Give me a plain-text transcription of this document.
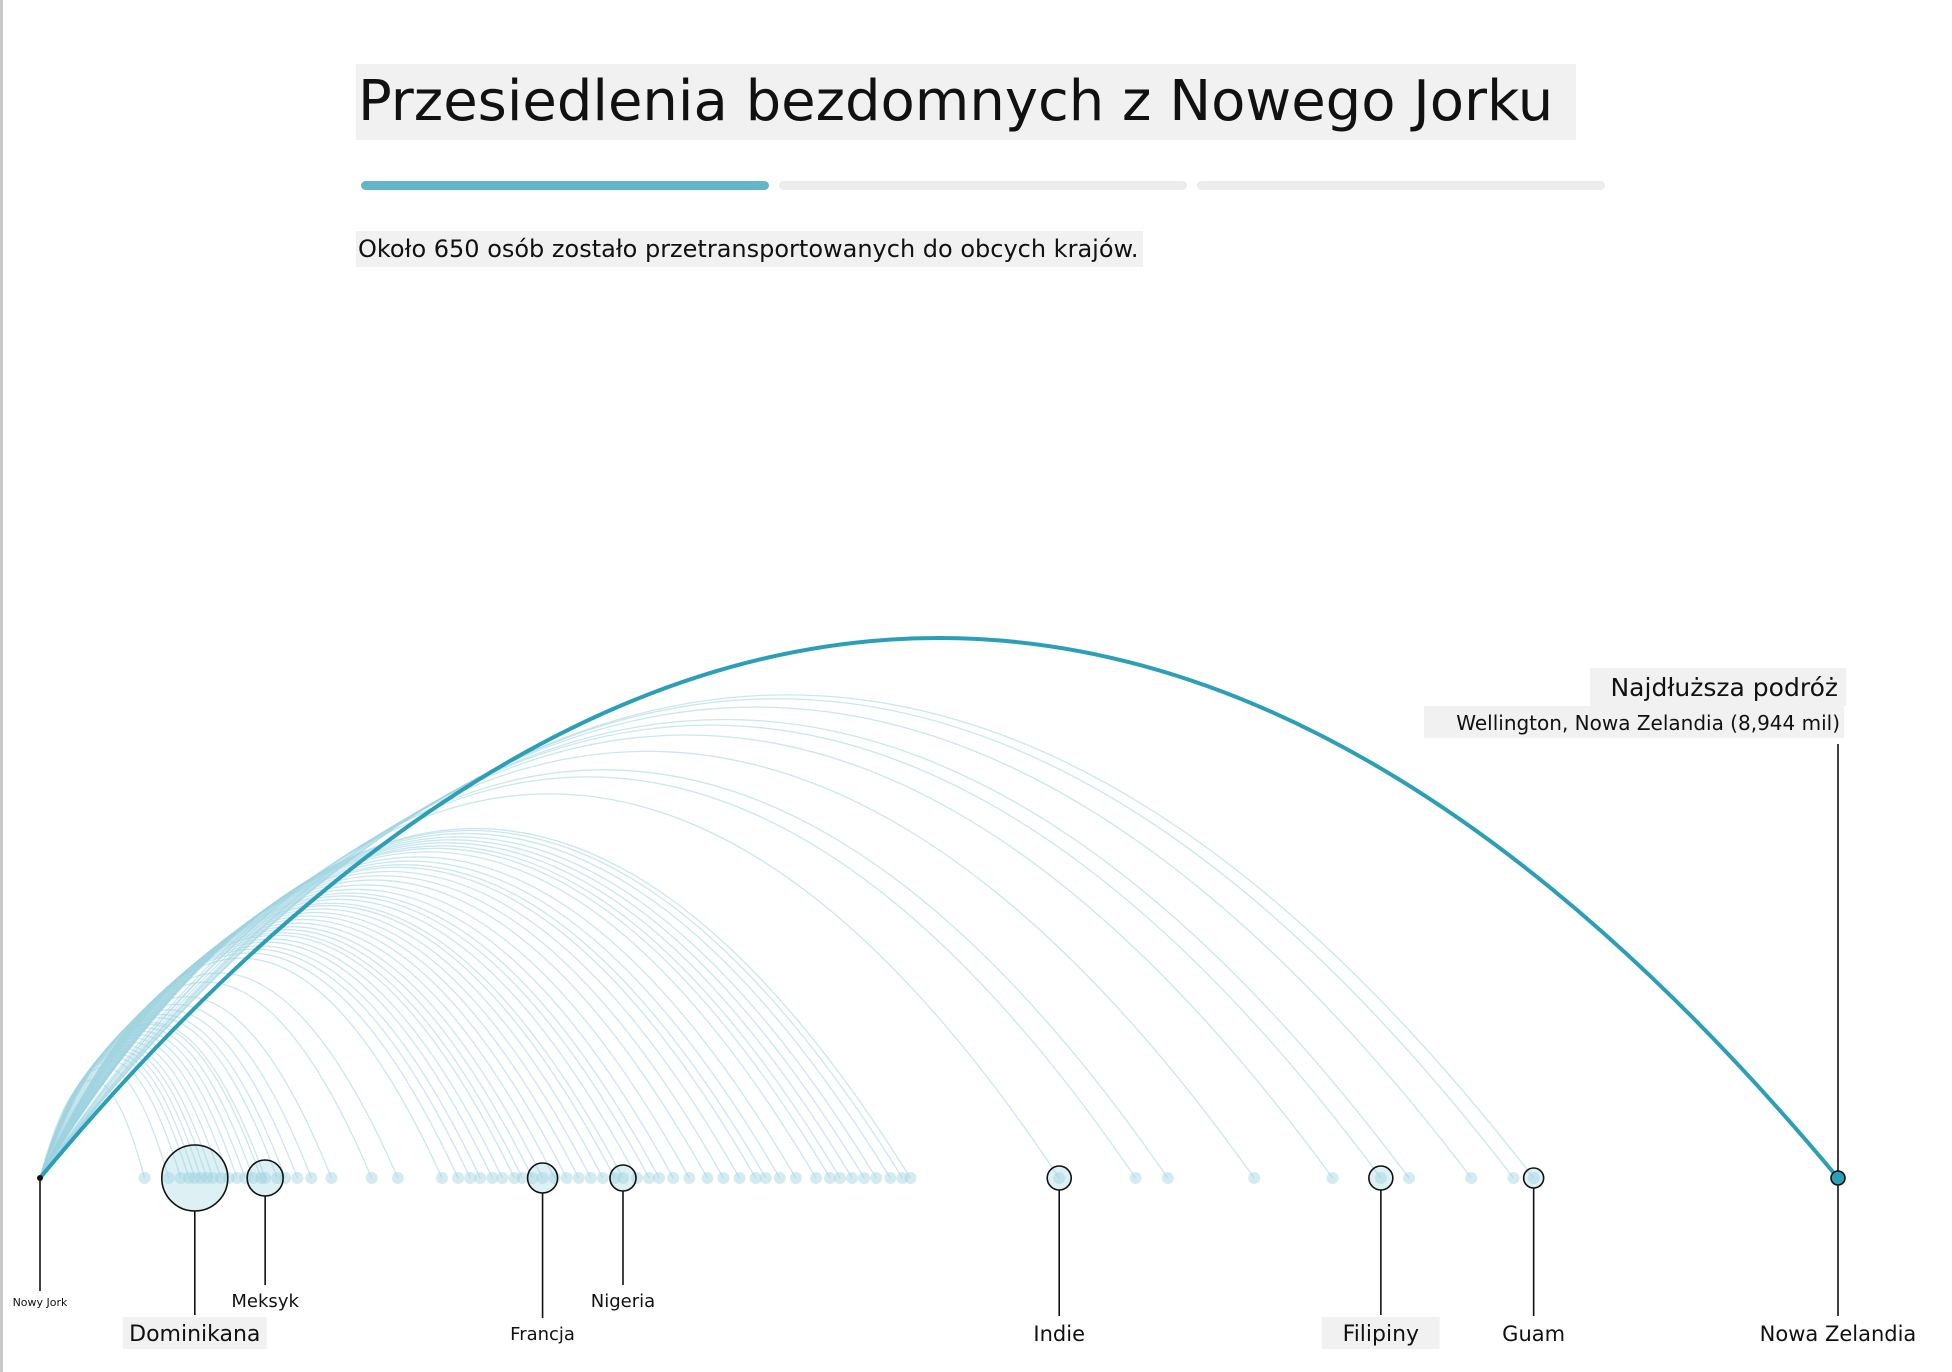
Przesiedlenia bezdomnych z Nowego Jorku
Około 650 osób zostało przetransportowanych do obcych krajów.
Nowy Jork
Dominikana
Meksyk
Francja
Nigeria
Indie	Filipiny	Guam	Nowa Zelandia
Najdłuższa podróż
Wellington, Nowa Zelandia (8,944 mil)
